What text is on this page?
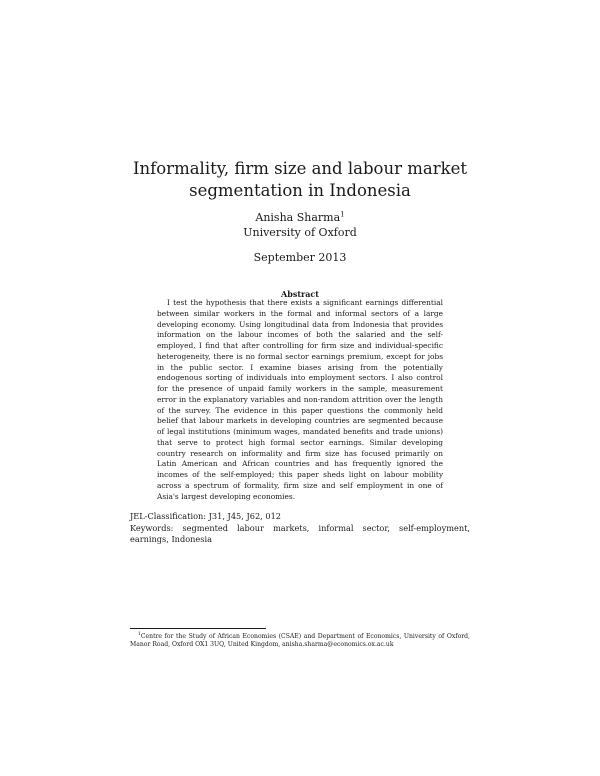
Informality, firm size and labour market
segmentation in Indonesia
Anisha Sharma$^1$
University of Oxford
September 2013
Abstract

I test the hypothesis that there exists a significant earnings differential between similar workers in the formal and informal sectors of a large developing economy. Using longitudinal data from Indonesia that provides information on the labour incomes of both the salaried and the self-employed, I find that after controlling for firm size and individual-specific heterogeneity, there is no formal sector earnings premium, except for jobs in the public sector. I examine biases arising from the potentially endogenous sorting of individuals into employment sectors. I also control for the presence of unpaid family workers in the sample, measurement error in the explanatory variables and non-random attrition over the length of the survey. The evidence in this paper questions the commonly held belief that labour markets in developing countries are segmented because of legal institutions (minimum wages, mandated benefits and trade unions) that serve to protect high formal sector earnings. Similar developing country research on informality and firm size has focused primarily on Latin American and African countries and has frequently ignored the incomes of the self-employed; this paper sheds light on labour mobility across a spectrum of formality, firm size and self employment in one of Asia's largest developing economies.

JEL-Classification: J31, J45, J62, 012
Keywords: segmented labour markets, informal sector, self-employment, earnings, Indonesia
$^1$Centre for the Study of African Economies (CSAE) and Department of Economics, University of Oxford, Manor Road, Oxford OX1 3UQ, United Kingdom, anisha.sharma@economics.ox.ac.uk
